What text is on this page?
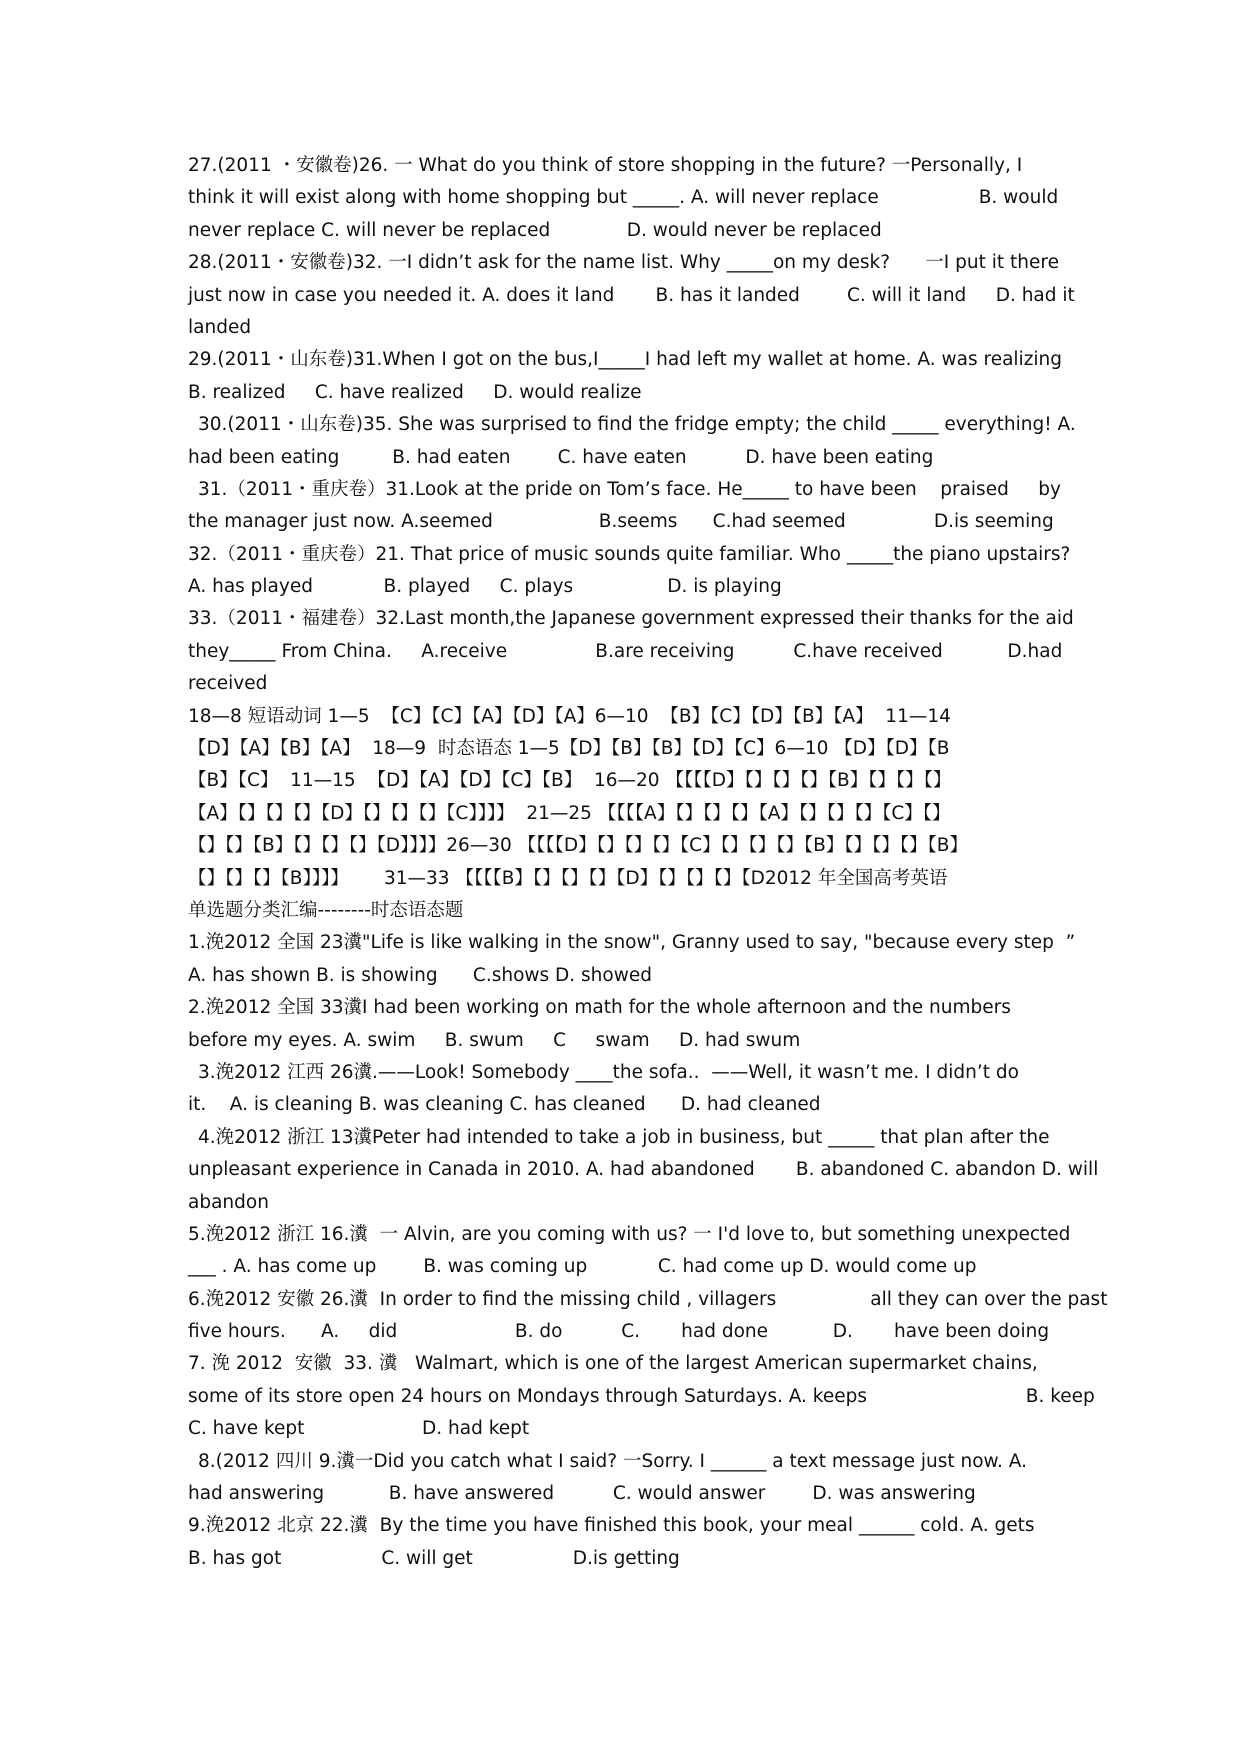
27.(2011 ・安徽卷)26. 一 What do you think of store shopping in the future? 一Personally, I
think it will exist along with home shopping but _____. A. will never replace                 B. would
never replace C. will never be replaced             D. would never be replaced
28.(2011・安徽卷)32. 一I didn’t ask for the name list. Why _____on my desk?      一I put it there
just now in case you needed it. A. does it land       B. has it landed        C. will it land     D. had it
landed
29.(2011・山东卷)31.When I got on the bus,I_____I had left my wallet at home. A. was realizing
B. realized     C. have realized     D. would realize
30.(2011・山东卷)35. She was surprised to find the fridge empty; the child _____ everything! A.
had been eating         B. had eaten        C. have eaten          D. have been eating
31.（2011・重庆卷）31.Look at the pride on Tom’s face. He_____ to have been    praised     by
the manager just now. A.seemed                  B.seems      C.had seemed               D.is seeming
32.（2011・重庆卷）21. That price of music sounds quite familiar. Who _____the piano upstairs?
A. has played            B. played     C. plays                D. is playing
33.（2011・福建卷）32.Last month,the Japanese government expressed their thanks for the aid
they_____ From China.     A.receive               B.are receiving          C.have received           D.had
received
18—8 短语动词 1—5  【C】【C】【A】【D】【A】6—10  【B】【C】【D】【B】【A】  11—14
【D】【A】【B】【A】  18—9  时态语态 1—5【D】【B】【B】【D】【C】6—10 【D】【D】【B
【B】【C】  11—15  【D】【A】【D】【C】【B】  16—20 【【【【D】【】【】【】【B】【】【】【】
【A】【】【】【】【D】【】【】【】【C】】】】  21—25 【【【【A】【】【】【】【A】【】【】【】【C】【】
【】【】【B】【】【】【】【D】】】】26—30 【【【【D】【】【】【】【C】【】【】【】【B】【】【】【】【B】
【】【】【】【B】】】】      31—33 【【【【B】【】【】【】【D】【】【】【】【D2012 年全国高考英语
单选题分类汇编--------时态语态题
1.浼2012 全国 23瀵"Life is like walking in the snow", Granny used to say, "because every step  ”
A. has shown B. is showing      C.shows D. showed
2.浼2012 全国 33瀵I had been working on math for the whole afternoon and the numbers
before my eyes. A. swim     B. swum     C     swam     D. had swum
3.浼2012 江西 26瀵.——Look! Somebody ____the sofa..  ——Well, it wasn’t me. I didn’t do
it.    A. is cleaning B. was cleaning C. has cleaned      D. had cleaned
4.浼2012 浙江 13瀵Peter had intended to take a job in business, but _____ that plan after the
unpleasant experience in Canada in 2010. A. had abandoned       B. abandoned C. abandon D. will
abandon
5.浼2012 浙江 16.瀵  一 Alvin, are you coming with us? 一 I'd love to, but something unexpected
___ . A. has come up        B. was coming up            C. had come up D. would come up
6.浼2012 安徽 26.瀵  In order to find the missing child , villagers                all they can over the past
five hours.      A.     did                    B. do          C.       had done           D.       have been doing
7. 浼 2012  安徽  33. 瀵   Walmart, which is one of the largest American supermarket chains,
some of its store open 24 hours on Mondays through Saturdays. A. keeps                           B. keep
C. have kept                    D. had kept
8.(2012 四川 9.瀵一Did you catch what I said? 一Sorry. I ______ a text message just now. A.
had answering           B. have answered          C. would answer        D. was answering
9.浼2012 北京 22.瀵  By the time you have finished this book, your meal ______ cold. A. gets
B. has got                 C. will get                 D.is getting
